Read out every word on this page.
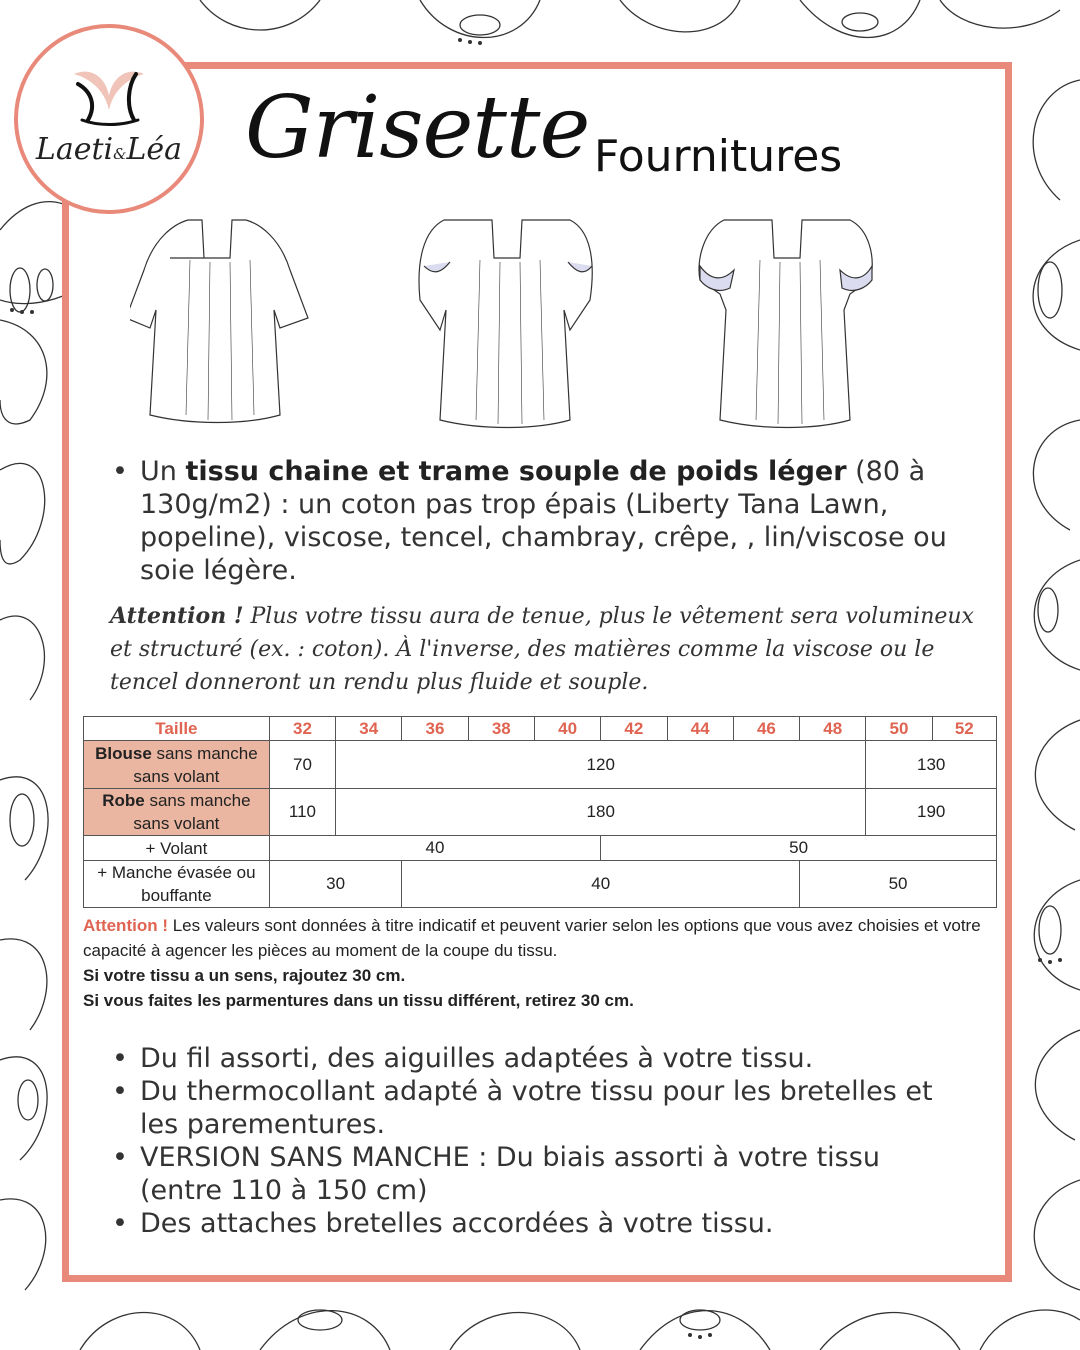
Laeti&Léa Grisette Fournitures
• Un tissu chaine et trame souple de poids léger (80 à 130g/m2) : un coton pas trop épais (Liberty Tana Lawn, popeline), viscose, tencel, chambray, crêpe, , lin/viscose ou soie légère.
Attention ! Plus votre tissu aura de tenue, plus le vêtement sera volumineux et structuré (ex. : coton). À l'inverse, des matières comme la viscose ou le tencel donneront un rendu plus fluide et souple.
Taille	32	34	36	38	40	42	44	46	48	50	52
Blouse sans manche sans volant	70	120								130	
Robe sans manche sans volant	110	180								190	
+ Volant	40					50					
+ Manche évasée ou bouffante	30		40						50		
Attention ! Les valeurs sont données à titre indicatif et peuvent varier selon les options que vous avez choisies et votre capacité à agencer les pièces au moment de la coupe du tissu.
Si votre tissu a un sens, rajoutez 30 cm.
Si vous faites les parmentures dans un tissu différent, retirez 30 cm.
• Du fil assorti, des aiguilles adaptées à votre tissu.
• Du thermocollant adapté à votre tissu pour les bretelles et les parementures.
• VERSION SANS MANCHE : Du biais assorti à votre tissu (entre 110 à 150 cm)
• Des attaches bretelles accordées à votre tissu.
